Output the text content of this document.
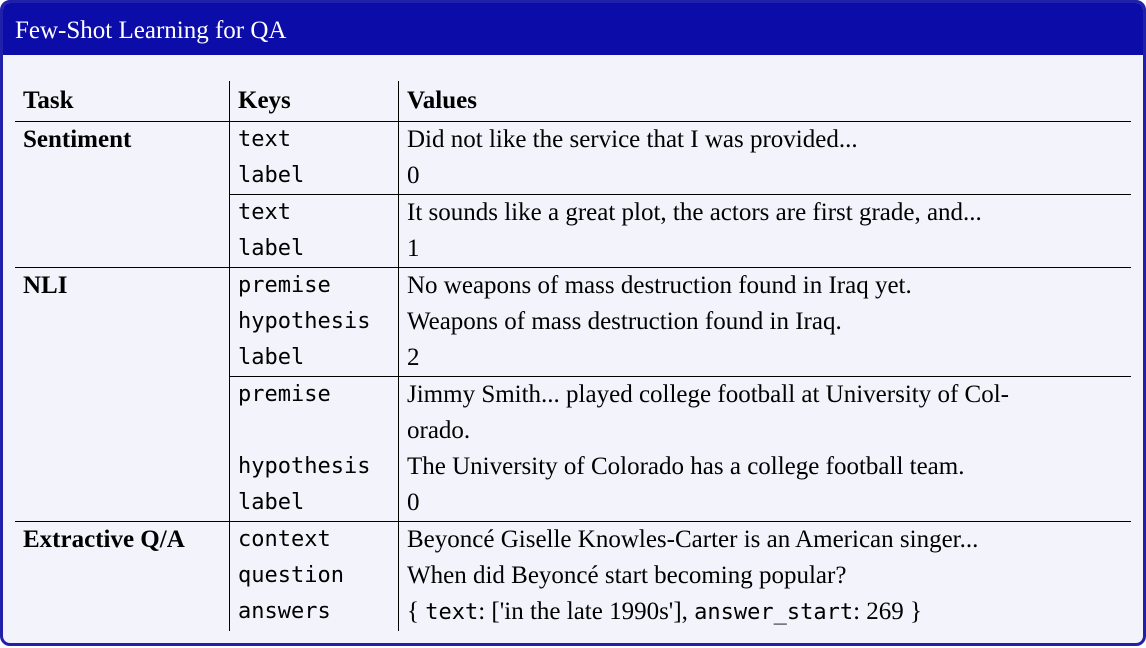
Few-Shot Learning for QA
Task	Keys	Values
Sentiment	text	Did not like the service that I was provided...
	label	0
	text	It sounds like a great plot, the actors are first grade, and...
	label	1
NLI	premise	No weapons of mass destruction found in Iraq yet.
	hypothesis	Weapons of mass destruction found in Iraq.
	label	2
	premise	Jimmy Smith... played college football at University of Col-
		orado.
	hypothesis	The University of Colorado has a college football team.
	label	0
Extractive Q/A	context	Beyoncé Giselle Knowles-Carter is an American singer...
	question	When did Beyoncé start becoming popular?
	answers	{ text: ['in the late 1990s'], answer_start: 269 }
